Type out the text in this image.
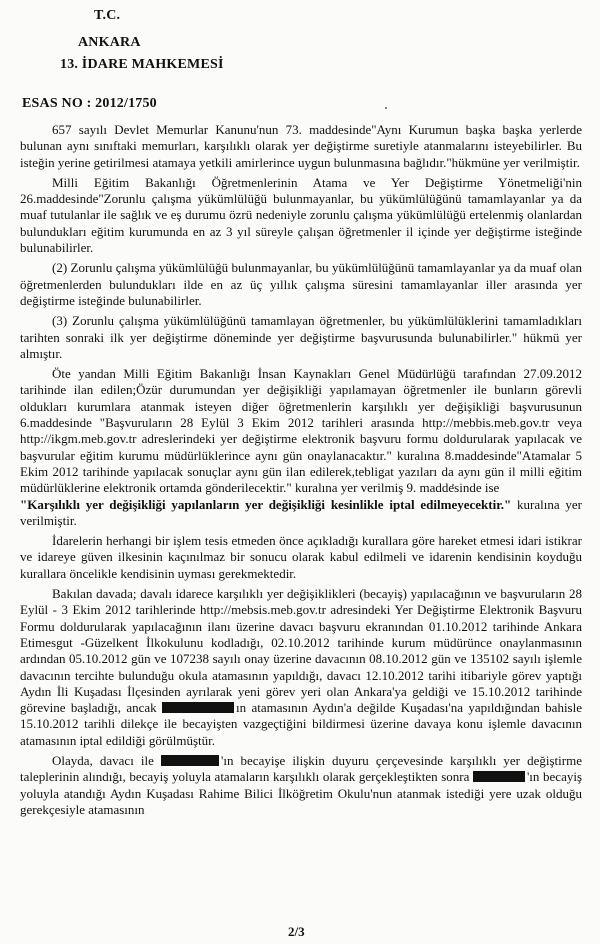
T.C.
ANKARA
13. İDARE MAHKEMESİ
ESAS NO : 2012/1750

657 sayılı Devlet Memurlar Kanunu'nun 73. maddesinde"Aynı Kurumun başka başka yerlerde bulunan aynı sınıftaki memurları, karşılıklı olarak yer değiştirme suretiyle atanmalarını isteyebilirler. Bu isteğin yerine getirilmesi atamaya yetkili amirlerince uygun bulunmasına bağlıdır."hükmüne yer verilmiştir.

Milli Eğitim Bakanlığı Öğretmenlerinin Atama ve Yer Değiştirme Yönetmeliği'nin 26.maddesinde"Zorunlu çalışma yükümlülüğü bulunmayanlar, bu yükümlülüğünü tamamlayanlar ya da muaf tutulanlar ile sağlık ve eş durumu özrü nedeniyle zorunlu çalışma yükümlülüğü ertelenmiş olanlardan bulundukları eğitim kurumunda en az 3 yıl süreyle çalışan öğretmenler il içinde yer değiştirme isteğinde bulunabilirler.

(2) Zorunlu çalışma yükümlülüğü bulunmayanlar, bu yükümlülüğünü tamamlayanlar ya da muaf olan öğretmenlerden bulundukları ilde en az üç yıllık çalışma süresini tamamlayanlar iller arasında yer değiştirme isteğinde bulunabilirler.

(3) Zorunlu çalışma yükümlülüğünü tamamlayan öğretmenler, bu yükümlülüklerini tamamladıkları tarihten sonraki ilk yer değiştirme döneminde yer değiştirme başvurusunda bulunabilirler." hükmü yer almıştır.

Öte yandan Milli Eğitim Bakanlığı İnsan Kaynakları Genel Müdürlüğü tarafından 27.09.2012 tarihinde ilan edilen;Özür durumundan yer değişikliği yapılamayan öğretmenler ile bunların görevli oldukları kurumlara atanmak isteyen diğer öğretmenlerin karşılıklı yer değişikliği başvurusunun 6.maddesinde "Başvuruların 28 Eylül 3 Ekim 2012 tarihleri arasında http://mebbis.meb.gov.tr veya http://ikgm.meb.gov.tr adreslerindeki yer değiştirme elektronik başvuru formu doldurularak yapılacak ve başvurular eğitim kurumu müdürlüklerince aynı gün onaylanacaktır." kuralına 8.maddesinde"Atamalar 5 Ekim 2012 tarihinde yapılacak sonuçlar aynı gün ilan edilerek,tebligat yazıları da aynı gün il milli eğitim müdürlüklerine elektronik ortamda gönderilecektir." kuralına yer verilmiş 9. maddesinde ise
"Karşılıklı yer değişikliği yapılanların yer değişikliği kesinlikle iptal edilmeyecektir." kuralına yer verilmiştir.

İdarelerin herhangi bir işlem tesis etmeden önce açıkladığı kurallara göre hareket etmesi idari istikrar ve idareye güven ilkesinin kaçınılmaz bir sonucu olarak kabul edilmeli ve idarenin kendisinin koyduğu kurallara öncelikle kendisinin uyması gerekmektedir.

Bakılan davada; davalı idarece karşılıklı yer değişiklikleri (becayiş) yapılacağının ve başvuruların 28 Eylül - 3 Ekim 2012 tarihlerinde http://mebsis.meb.gov.tr adresindeki Yer Değiştirme Elektronik Başvuru Formu doldurularak yapılacağının ilanı üzerine davacı başvuru ekranından 01.10.2012 tarihinde Ankara Etimesgut -Güzelkent İlkokulunu kodladığı, 02.10.2012 tarihinde kurum müdürünce onaylanmasının ardından 05.10.2012 gün ve 107238 sayılı onay üzerine davacının 08.10.2012 gün ve 135102 sayılı işlemle davacının tercihte bulunduğu okula atamasının yapıldığı, davacı 12.10.2012 tarihi itibariyle görev yaptığı Aydın İli Kuşadası İlçesinden ayrılarak yeni görev yeri olan Ankara'ya geldiği ve 15.10.2012 tarihinde görevine başladığı, ancak	ın atamasının Aydın'a değilde Kuşadası'na yapıldığından bahisle 15.10.2012 tarihli dilekçe ile becayişten vazgeçtiğini bildirmesi üzerine davaya konu işlemle davacının atamasının iptal edildiği görülmüştür.

Olayda, davacı ile	'ın becayişe ilişkin duyuru çerçevesinde karşılıklı yer değiştirme taleplerinin alındığı, becayiş yoluyla atamaların karşılıklı olarak gerçekleştikten sonra	'ın becayiş yoluyla atandığı Aydın Kuşadası Rahime Bilici İlköğretim Okulu'nun atanmak istediği yere uzak olduğu gerekçesiyle atamasının

2/3
